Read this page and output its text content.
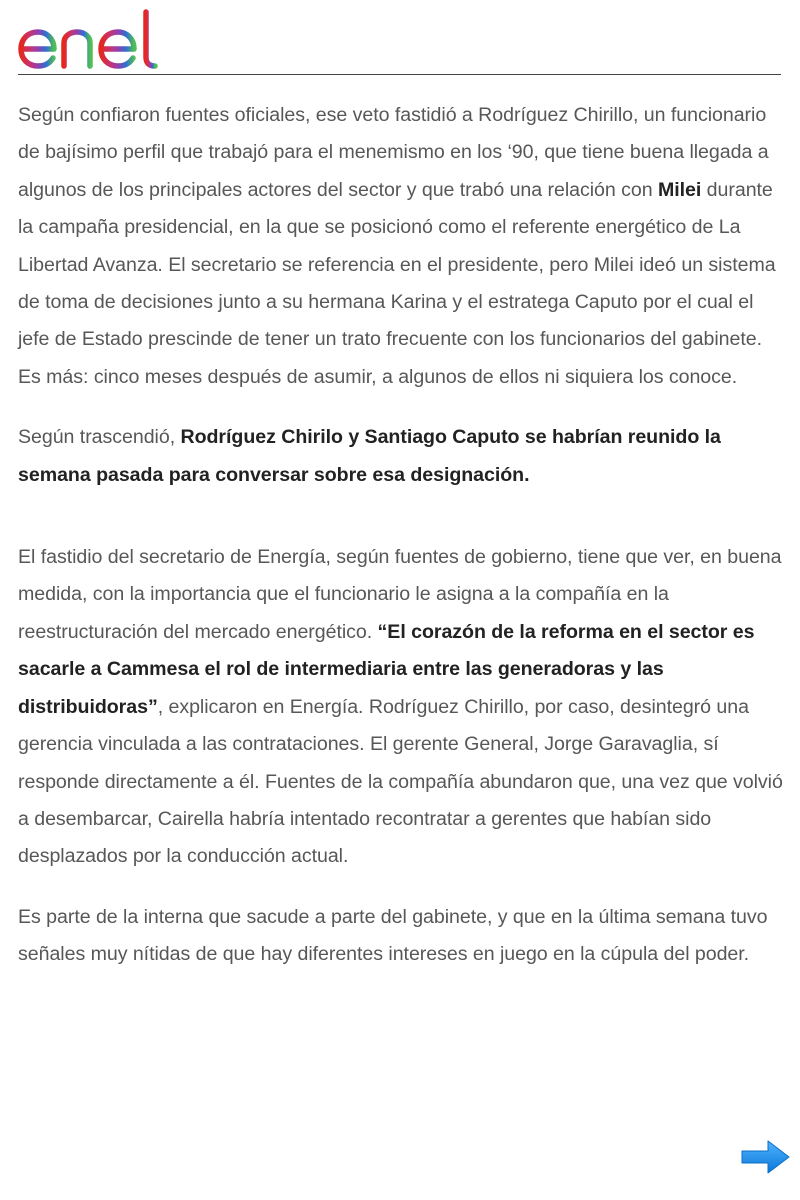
Según confiaron fuentes oficiales, ese veto fastidió a Rodríguez Chirillo, un funcionario de bajísimo perfil que trabajó para el menemismo en los ‘90, que tiene buena llegada a algunos de los principales actores del sector y que trabó una relación con Milei durante la campaña presidencial, en la que se posicionó como el referente energético de La Libertad Avanza. El secretario se referencia en el presidente, pero Milei ideó un sistema de toma de decisiones junto a su hermana Karina y el estratega Caputo por el cual el jefe de Estado prescinde de tener un trato frecuente con los funcionarios del gabinete. Es más: cinco meses después de asumir, a algunos de ellos ni siquiera los conoce.

Según trascendió, Rodríguez Chirilo y Santiago Caputo se habrían reunido la semana pasada para conversar sobre esa designación.

El fastidio del secretario de Energía, según fuentes de gobierno, tiene que ver, en buena medida, con la importancia que el funcionario le asigna a la compañía en la reestructuración del mercado energético. “El corazón de la reforma en el sector es sacarle a Cammesa el rol de intermediaria entre las generadoras y las distribuidoras”, explicaron en Energía. Rodríguez Chirillo, por caso, desintegró una gerencia vinculada a las contrataciones. El gerente General, Jorge Garavaglia, sí responde directamente a él. Fuentes de la compañía abundaron que, una vez que volvió a desembarcar, Cairella habría intentado recontratar a gerentes que habían sido desplazados por la conducción actual.

Es parte de la interna que sacude a parte del gabinete, y que en la última semana tuvo señales muy nítidas de que hay diferentes intereses en juego en la cúpula del poder.
